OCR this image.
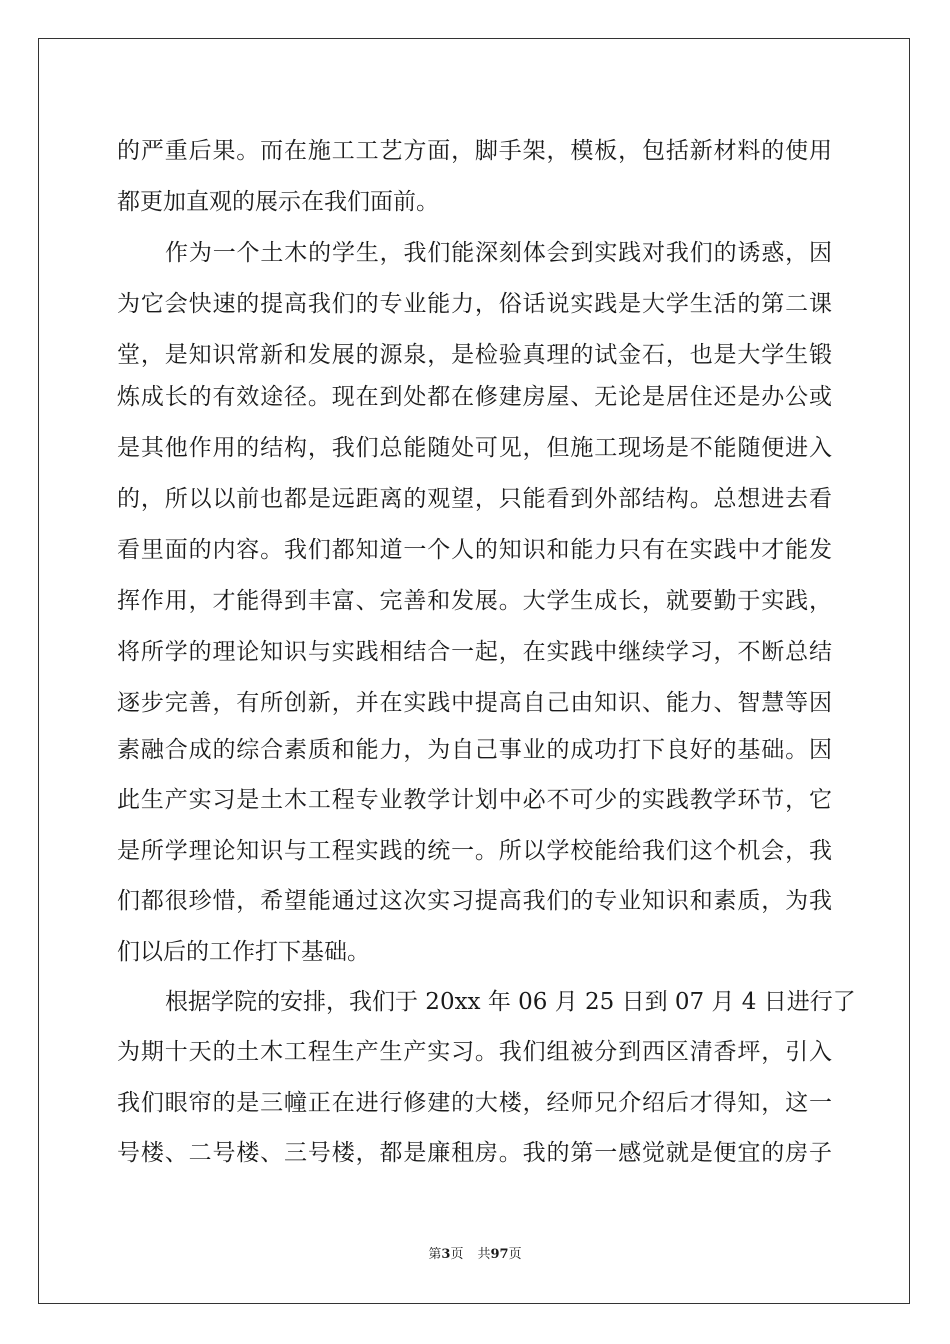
的严重后果。而在施工工艺方面，脚手架，模板，包括新材料的使用
都更加直观的展示在我们面前。
作为一个土木的学生，我们能深刻体会到实践对我们的诱惑，因
为它会快速的提高我们的专业能力，俗话说实践是大学生活的第二课
堂，是知识常新和发展的源泉，是检验真理的试金石，也是大学生锻
炼成长的有效途径。现在到处都在修建房屋、无论是居住还是办公或
是其他作用的结构，我们总能随处可见，但施工现场是不能随便进入
的，所以以前也都是远距离的观望，只能看到外部结构。总想进去看
看里面的内容。我们都知道一个人的知识和能力只有在实践中才能发
挥作用，才能得到丰富、完善和发展。大学生成长，就要勤于实践，
将所学的理论知识与实践相结合一起，在实践中继续学习，不断总结
逐步完善，有所创新，并在实践中提高自己由知识、能力、智慧等因
素融合成的综合素质和能力，为自己事业的成功打下良好的基础。因
此生产实习是土木工程专业教学计划中必不可少的实践教学环节，它
是所学理论知识与工程实践的统一。所以学校能给我们这个机会，我
们都很珍惜，希望能通过这次实习提高我们的专业知识和素质，为我
们以后的工作打下基础。
根据学院的安排，我们于 20xx 年 06 月 25 日到 07 月 4 日进行了
为期十天的土木工程生产生产实习。我们组被分到西区清香坪，引入
我们眼帘的是三幢正在进行修建的大楼，经师兄介绍后才得知，这一
号楼、二号楼、三号楼，都是廉租房。我的第一感觉就是便宜的房子
第3页 共97页
